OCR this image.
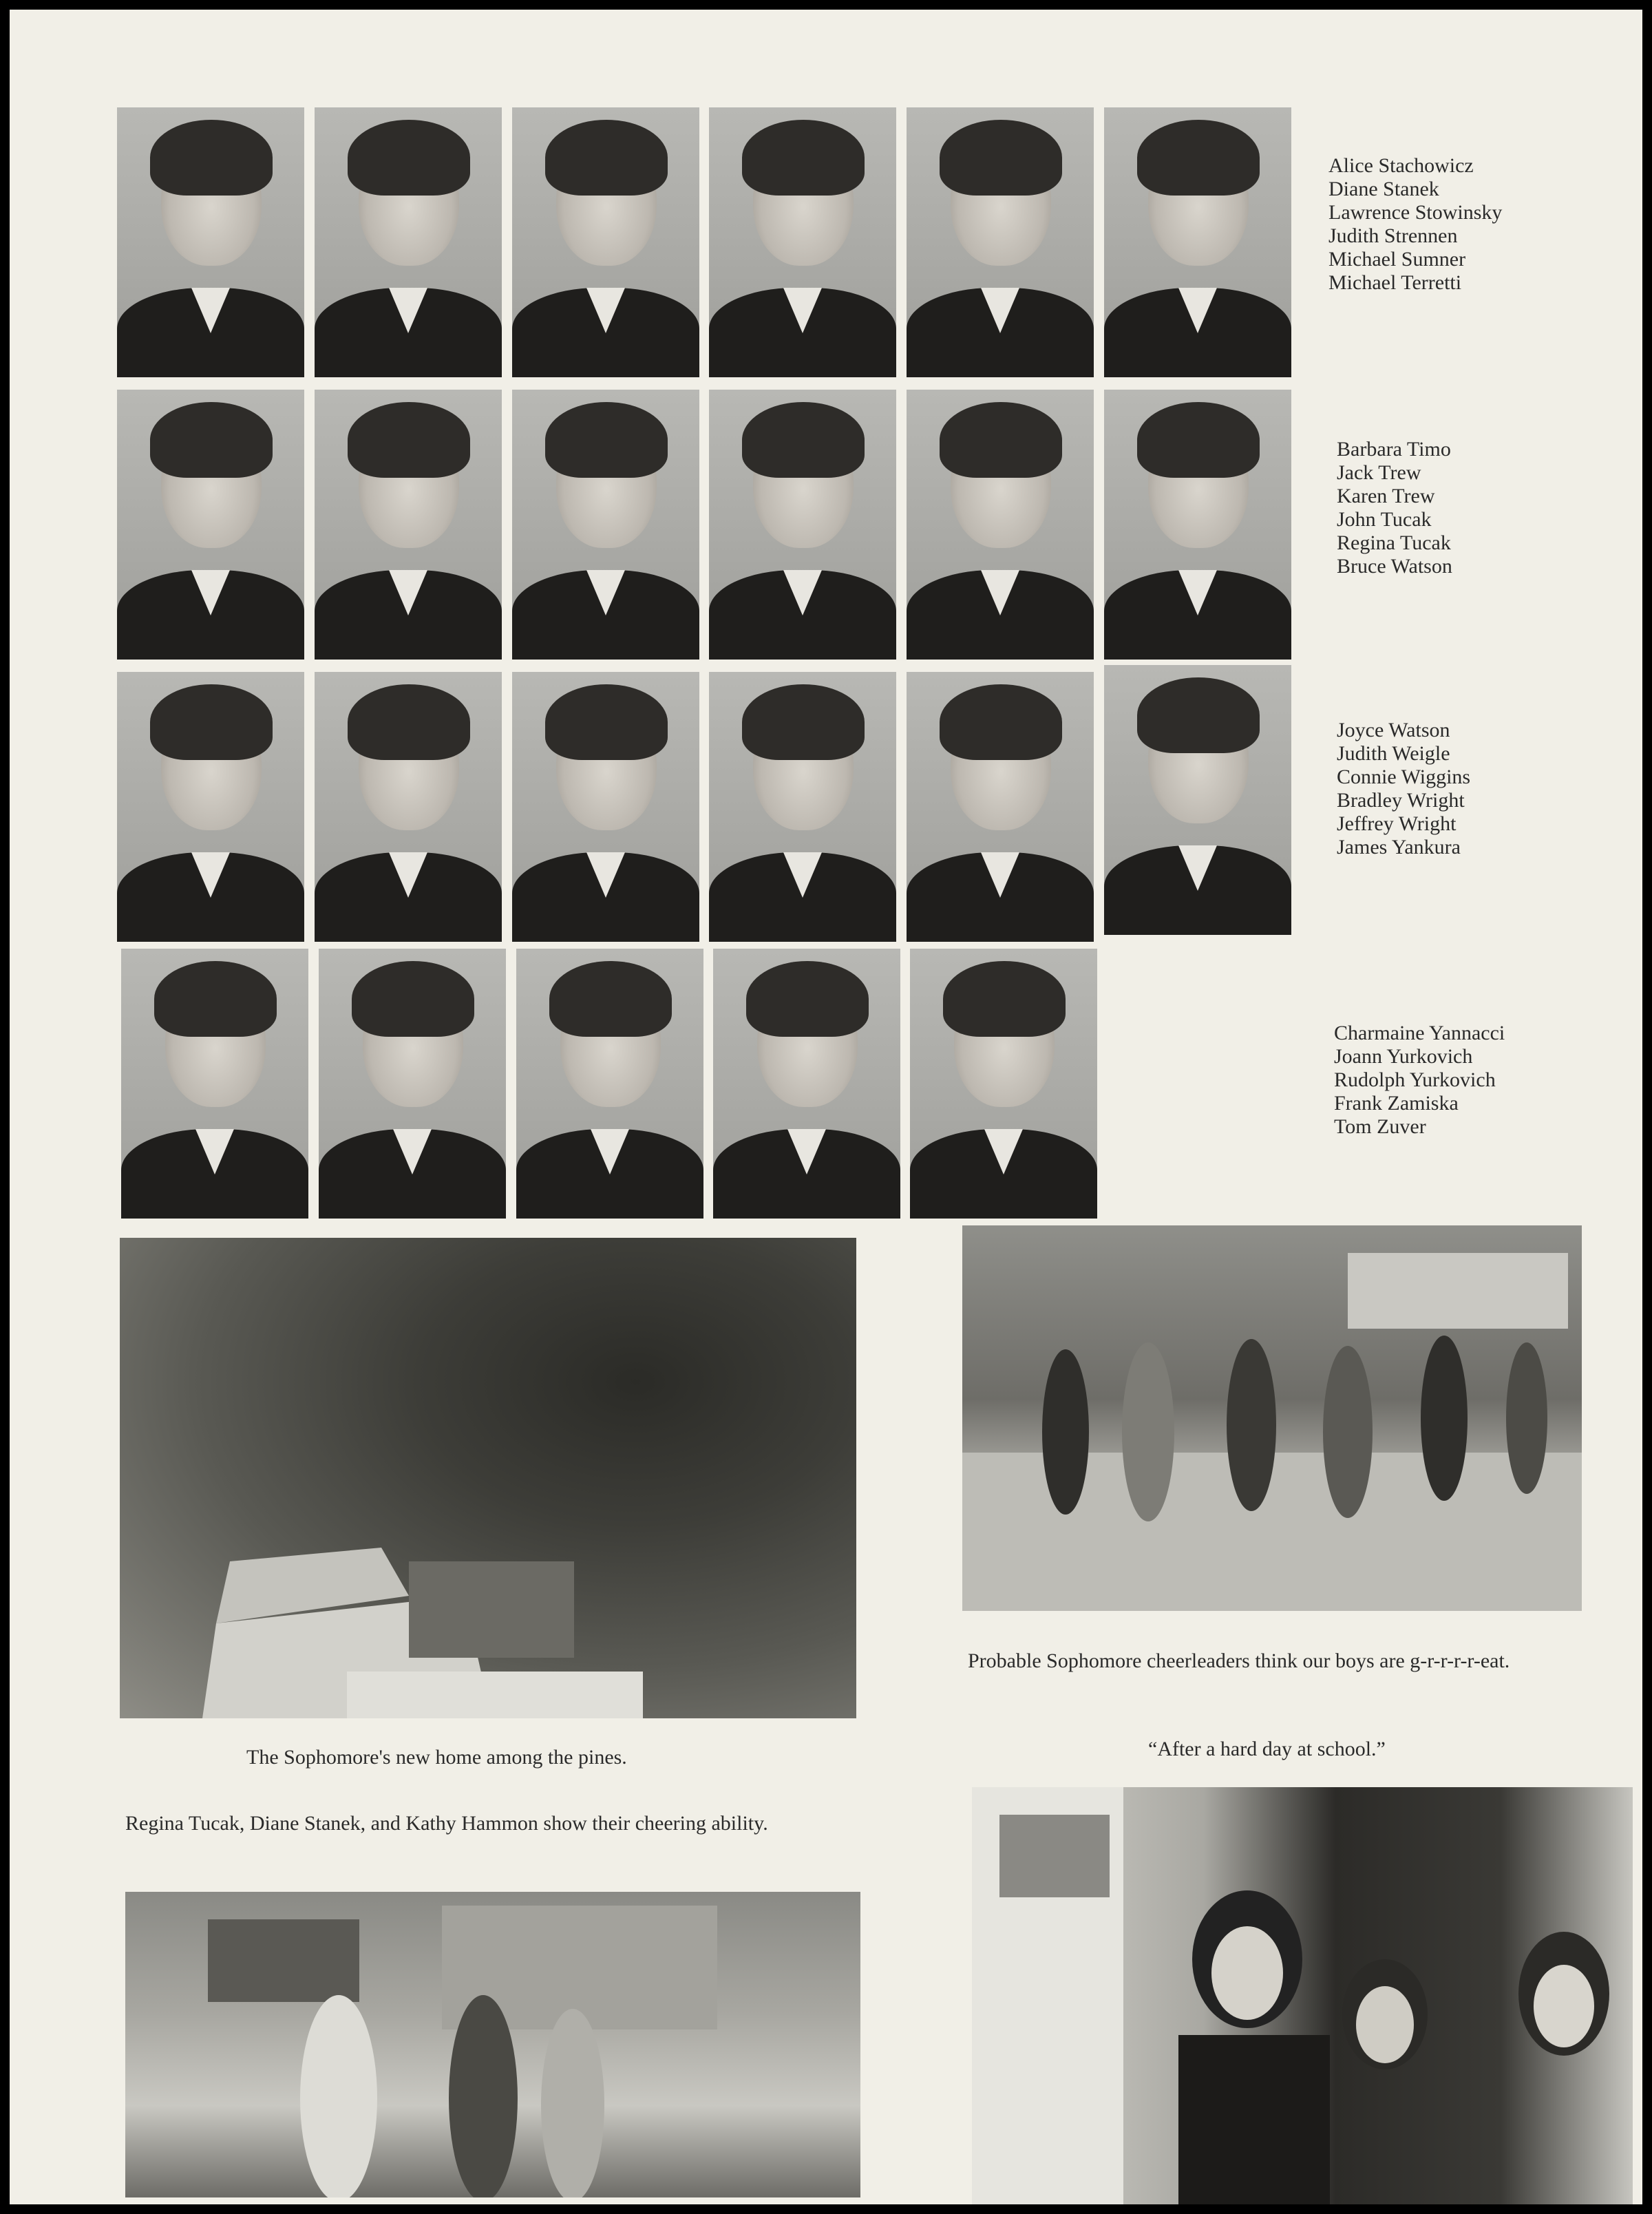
Alice Stachowicz
Diane Stanek
Lawrence Stowinsky
Judith Strennen
Michael Sumner
Michael Terretti
Barbara Timo
Jack Trew
Karen Trew
John Tucak
Regina Tucak
Bruce Watson
Joyce Watson
Judith Weigle
Connie Wiggins
Bradley Wright
Jeffrey Wright
James Yankura
Charmaine Yannacci
Joann Yurkovich
Rudolph Yurkovich
Frank Zamiska
Tom Zuver
Probable Sophomore cheerleaders think our boys are g-r-r-r-r-eat.
The Sophomore's new home among the pines.	“After a hard day at school.”
Regina Tucak, Diane Stanek, and Kathy Hammon show their cheering ability.
